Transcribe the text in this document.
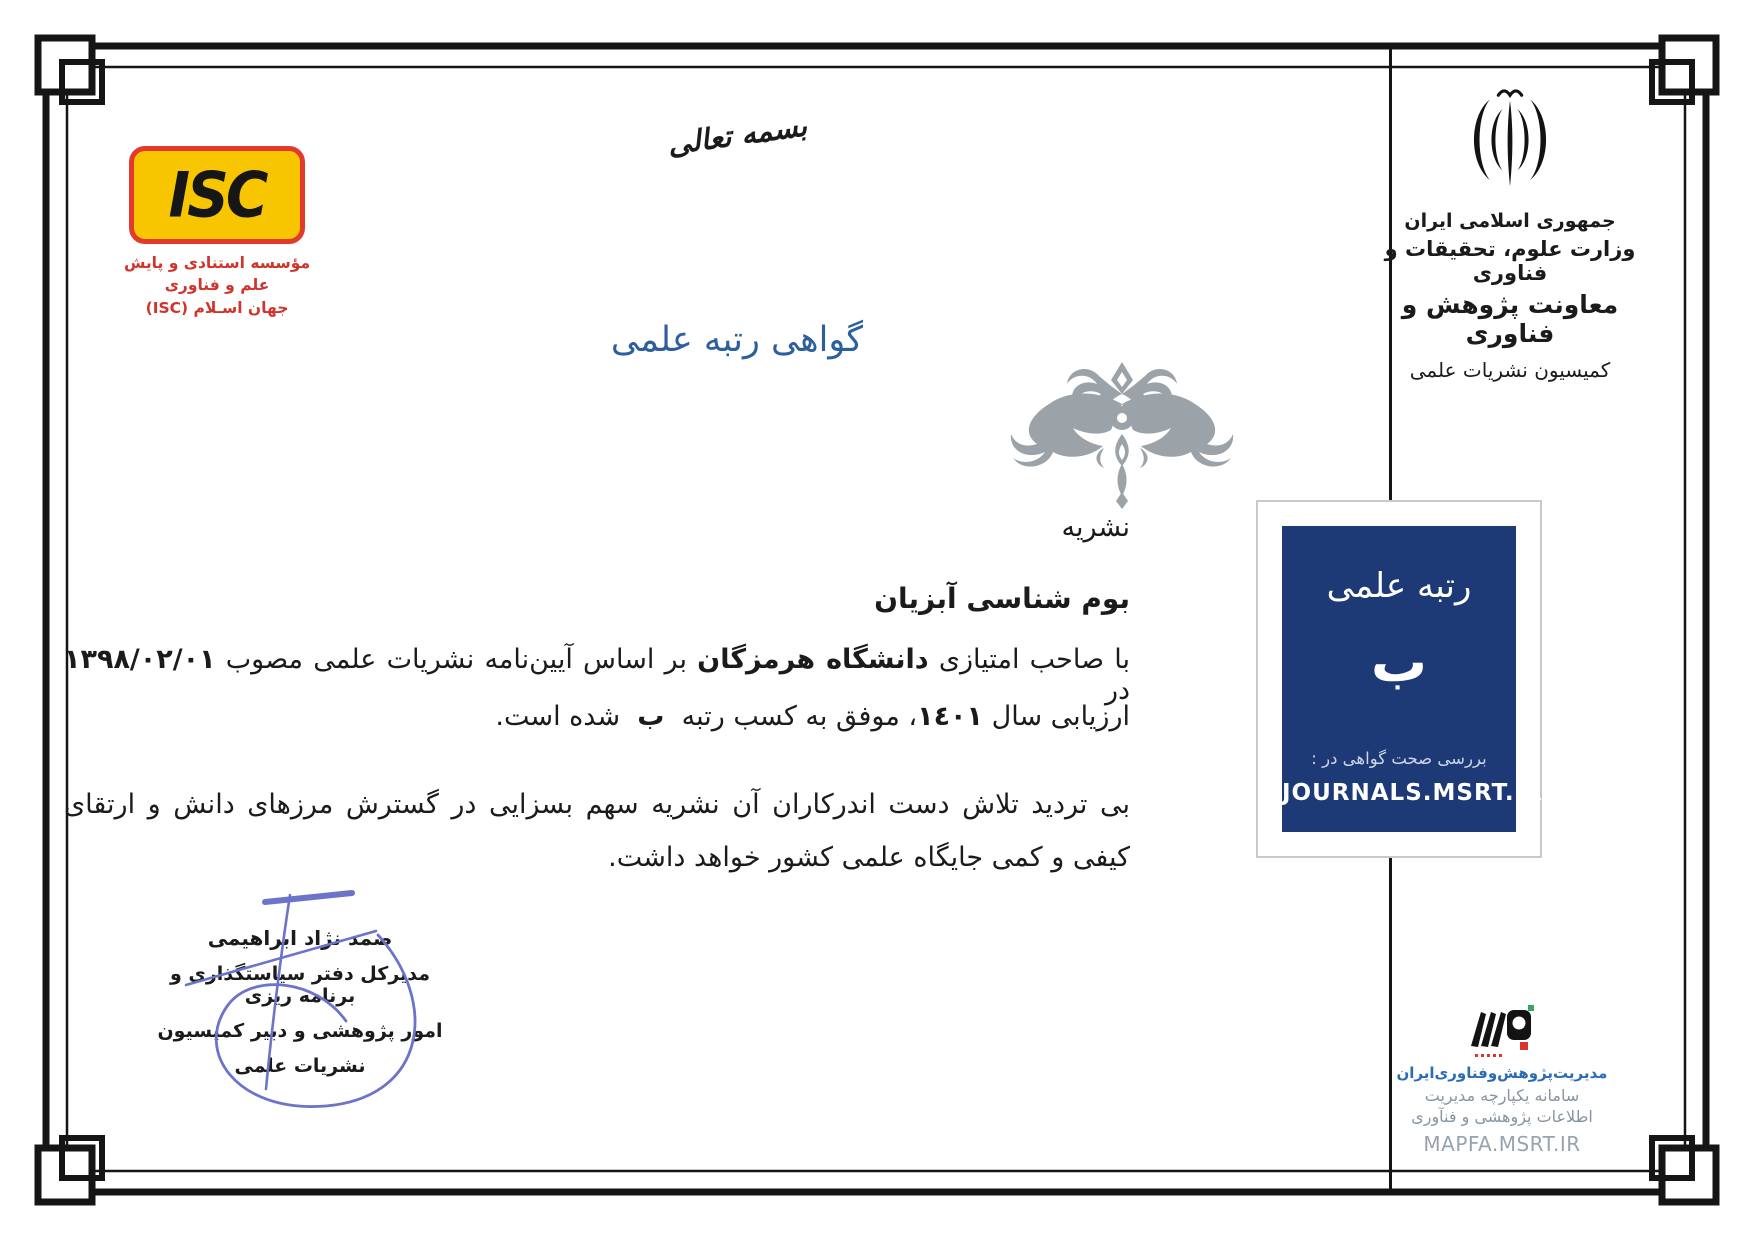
بسمه تعالی
ISC
مؤسسه استنادی و پایش علم و فناوری
جهان اسـلام (ISC)
جمهوری اسلامی ایران
وزارت علوم، تحقیقات و فناوری
معاونت پژوهش و فناوری
کمیسیون نشریات علمی
گواهی رتبه علمی
نشریه
بوم شناسی آبزیان
با صاحب امتیازی دانشگاه هرمزگان بر اساس آیین‌نامه نشریات علمی مصوب ۱۳۹۸/۰۲/۰۱ در
ارزیابی سال ۱٤۰۱، موفق به کسب رتبه  ب  شده است.
بی تردید تلاش دست اندرکاران آن نشریه سهم بسزایی در گسترش مرزهای دانش و ارتقای
کیفی و کمی جایگاه علمی کشور خواهد داشت.
رتبه علمی
ب
بررسی صحت گواهی در :
JOURNALS.MSRT.IR
صمد نژاد ابراهیمی
مدیرکل دفتر سیاستگذاری و برنامه ریزی
امور پژوهشی و دبیر کمیسیون
نشریات علمی	مدیریت‌پژوهش‌وفناوری‌ایران
سامانه یکپارچه مدیریت
اطلاعات پژوهشی و فنآوری
MAPFA.MSRT.IR
